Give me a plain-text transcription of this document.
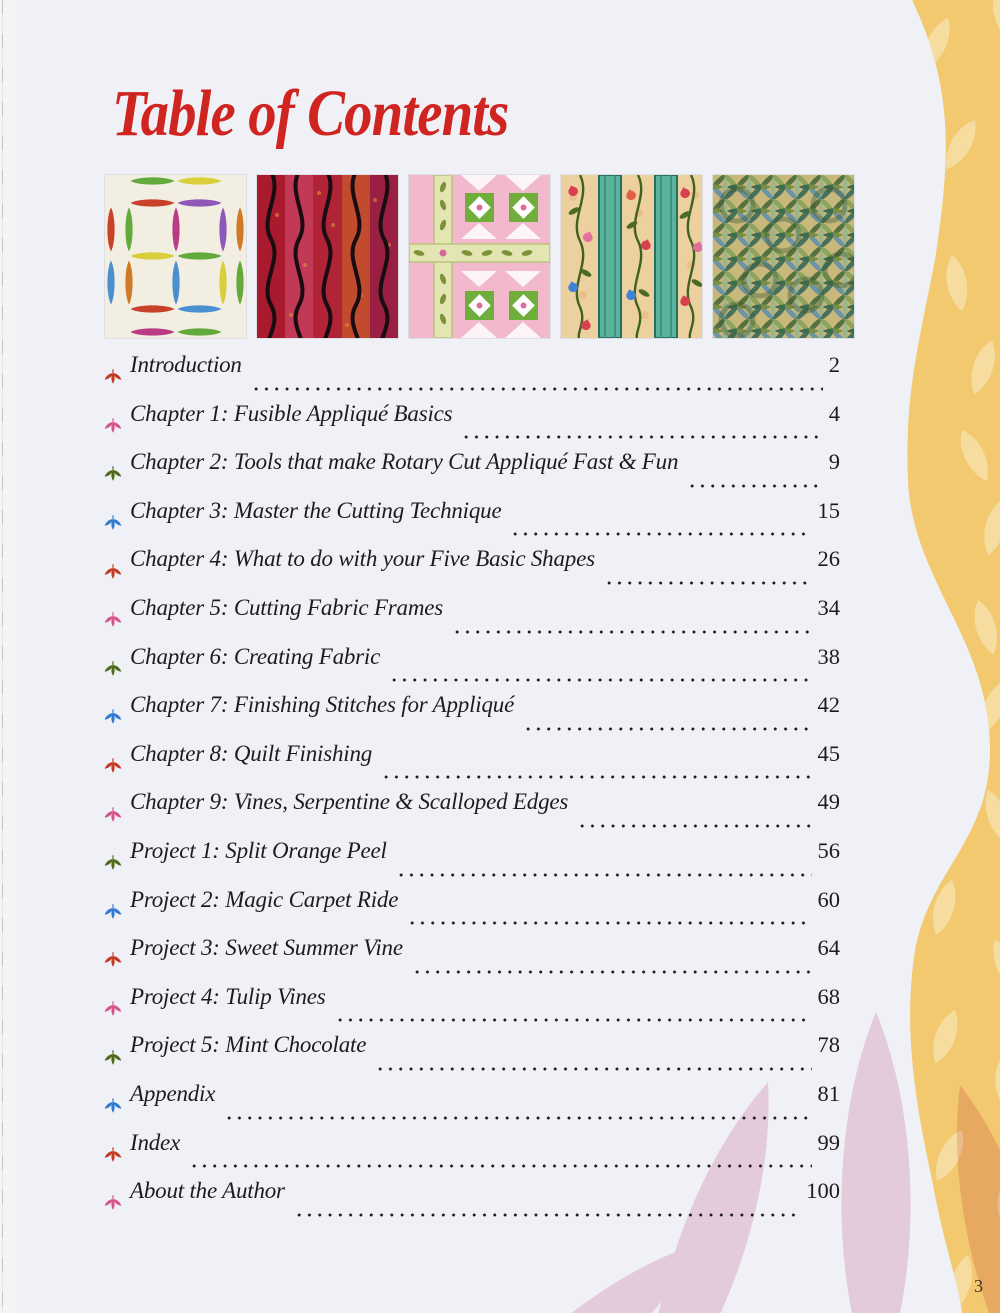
Table of Contents
Introduction	2
Chapter 1: Fusible Appliqué Basics	4
Chapter 2: Tools that make Rotary Cut Appliqué Fast & Fun	9
Chapter 3: Master the Cutting Technique	15
Chapter 4: What to do with your Five Basic Shapes	26
Chapter 5: Cutting Fabric Frames	34
Chapter 6: Creating Fabric	38
Chapter 7: Finishing Stitches for Appliqué	42
Chapter 8: Quilt Finishing	45
Chapter 9: Vines, Serpentine & Scalloped Edges	49
Project 1: Split Orange Peel	56
Project 2: Magic Carpet Ride	60
Project 3: Sweet Summer Vine	64
Project 4: Tulip Vines	68
Project 5: Mint Chocolate	78
Appendix	81
Index	99
About the Author	100
3
